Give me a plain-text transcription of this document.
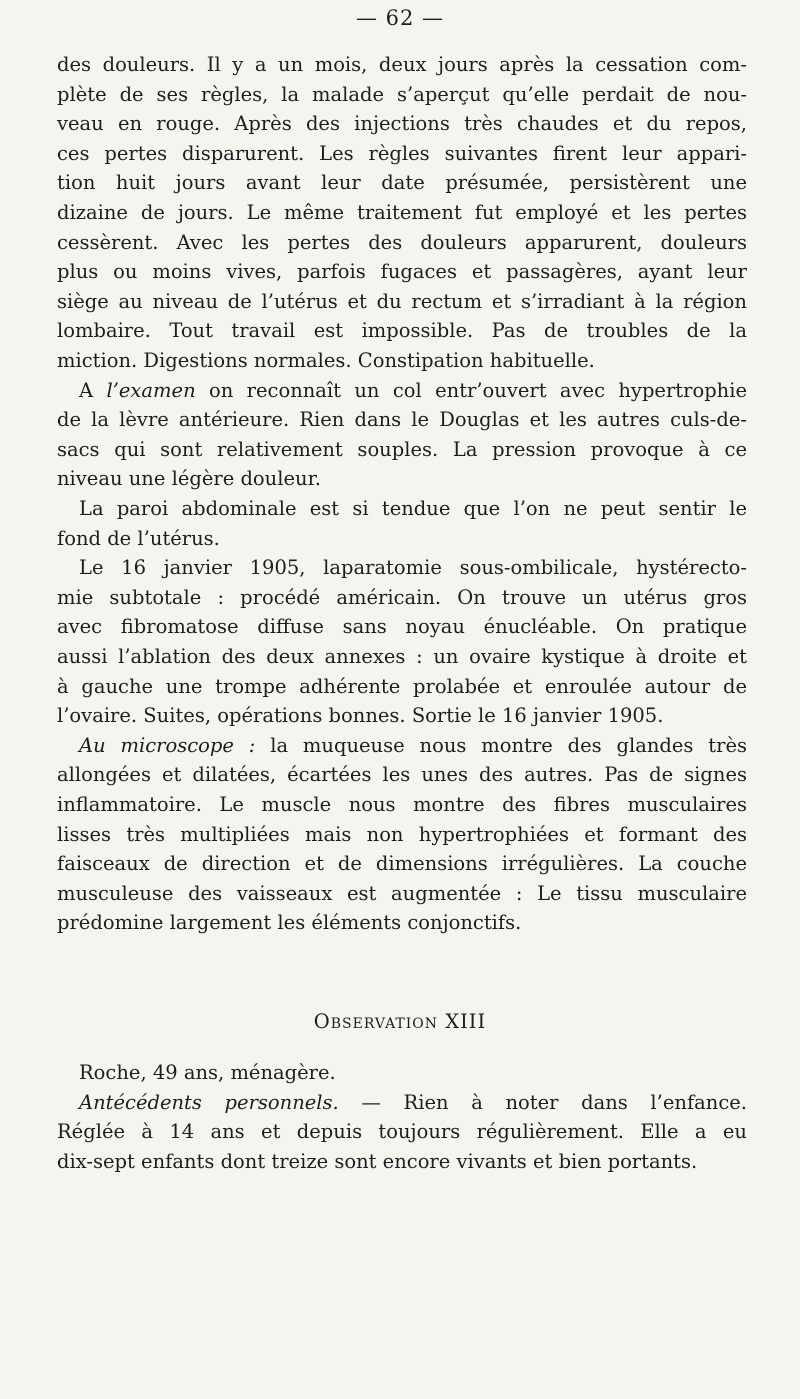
— 62 —
des douleurs. Il y a un mois, deux jours après la cessation com-
plète de ses règles, la malade s’aperçut qu’elle perdait de nou-
veau en rouge. Après des injections très chaudes et du repos,
ces pertes disparurent. Les règles suivantes firent leur appari-
tion huit jours avant leur date présumée, persistèrent une
dizaine de jours. Le même traitement fut employé et les pertes
cessèrent. Avec les pertes des douleurs apparurent, douleurs
plus ou moins vives, parfois fugaces et passagères, ayant leur
siège au niveau de l’utérus et du rectum et s’irradiant à la région
lombaire. Tout travail est impossible. Pas de troubles de la
miction. Digestions normales. Constipation habituelle.
A l’examen on reconnaît un col entr’ouvert avec hypertrophie
de la lèvre antérieure. Rien dans le Douglas et les autres culs-de-
sacs qui sont relativement souples. La pression provoque à ce
niveau une légère douleur.
La paroi abdominale est si tendue que l’on ne peut sentir le
fond de l’utérus.
Le 16 janvier 1905, laparatomie sous-ombilicale, hystérecto-
mie subtotale : procédé américain. On trouve un utérus gros
avec fibromatose diffuse sans noyau énucléable. On pratique
aussi l’ablation des deux annexes : un ovaire kystique à droite et
à gauche une trompe adhérente prolabée et enroulée autour de
l’ovaire. Suites, opérations bonnes. Sortie le 16 janvier 1905.
Au microscope : la muqueuse nous montre des glandes très
allongées et dilatées, écartées les unes des autres. Pas de signes
inflammatoire. Le muscle nous montre des fibres musculaires
lisses très multipliées mais non hypertrophiées et formant des
faisceaux de direction et de dimensions irrégulières. La couche
musculeuse des vaisseaux est augmentée : Le tissu musculaire
prédomine largement les éléments conjonctifs.
Observation XIII
Roche, 49 ans, ménagère.
Antécédents personnels. — Rien à noter dans l’enfance.
Réglée à 14 ans et depuis toujours régulièrement. Elle a eu
dix-sept enfants dont treize sont encore vivants et bien portants.
